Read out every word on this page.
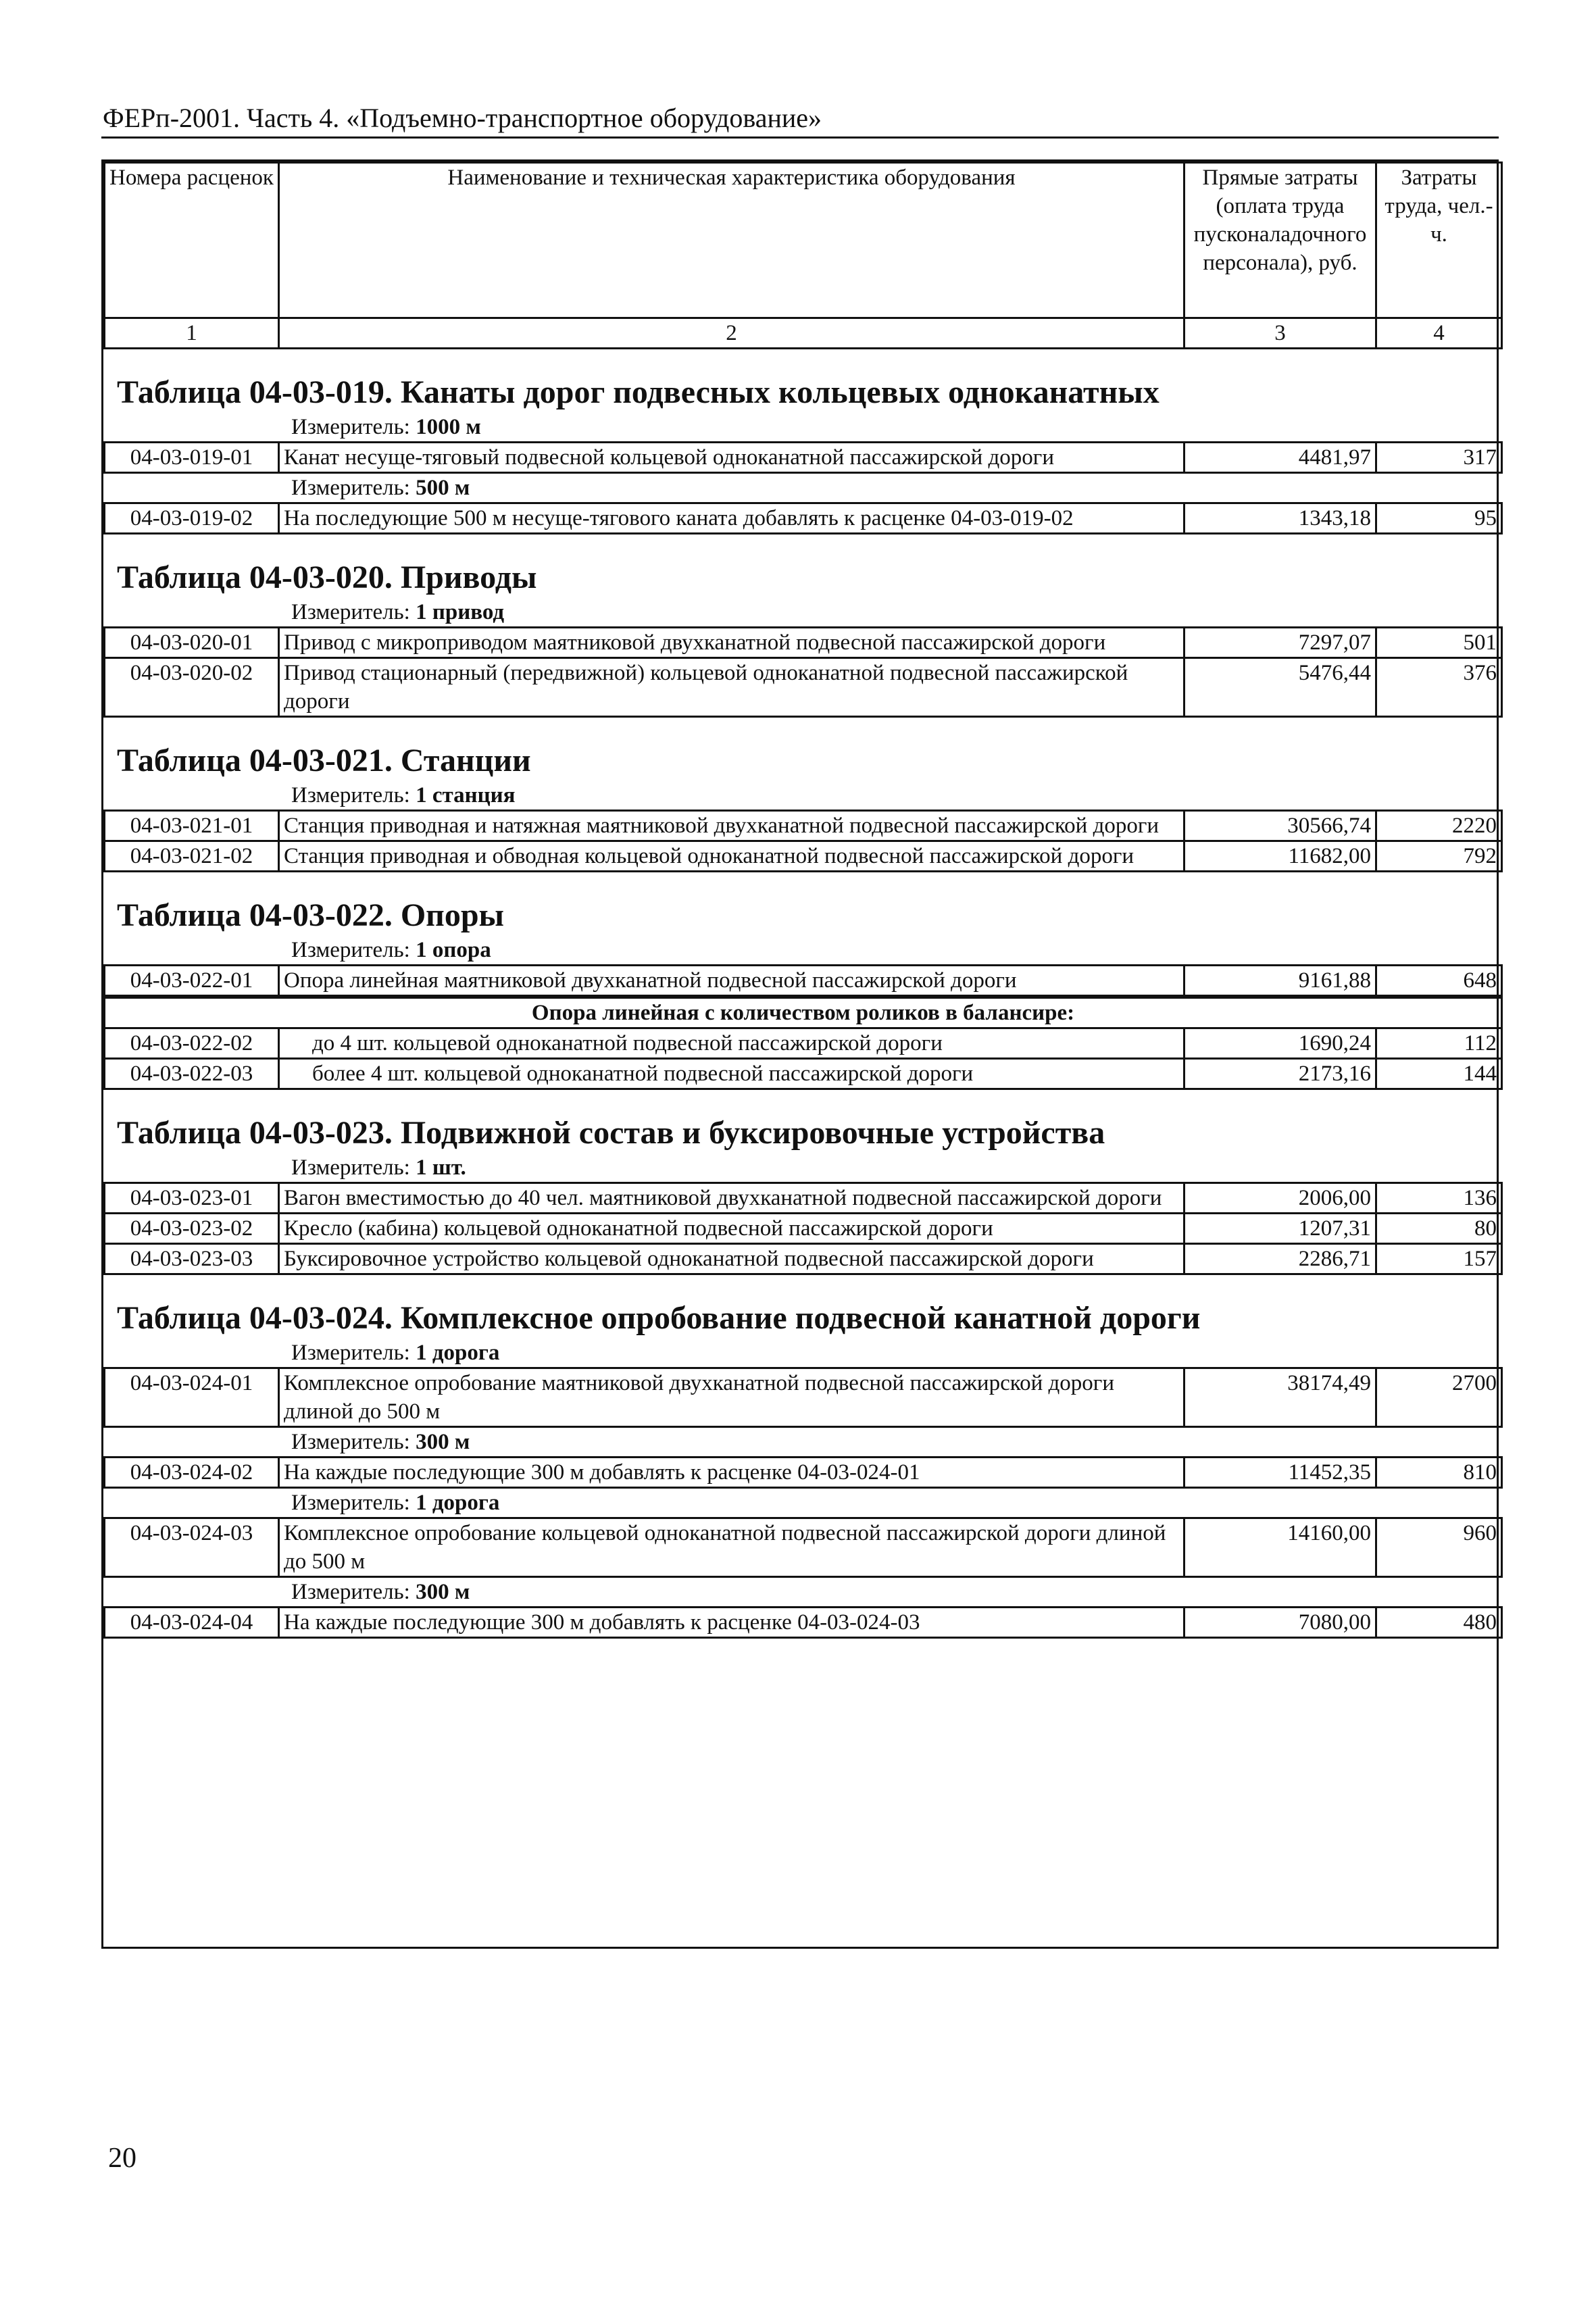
ФЕРп-2001. Часть 4. «Подъемно-транспортное оборудование»
Номера расценок	Наименование и техническая характеристика оборудования	Прямые затраты (оплата труда пусконаладочного персонала), руб.	Затраты труда, чел.-ч.
1	2	3	4
Таблица 04-03-019. Канаты дорог подвесных кольцевых одноканатных
Измеритель: 1000 м
04-03-019-01	Канат несуще-тяговый подвесной кольцевой одноканатной пассажирской дороги	4481,97	317
Измеритель: 500 м
04-03-019-02	На последующие 500 м несуще-тягового каната добавлять к расценке 04-03-019-02	1343,18	95
Таблица 04-03-020. Приводы
Измеритель: 1 привод
04-03-020-01	Привод с микроприводом маятниковой двухканатной подвесной пассажирской дороги	7297,07	501
04-03-020-02	Привод стационарный (передвижной) кольцевой одноканатной подвесной пассажирской дороги	5476,44	376
Таблица 04-03-021. Станции
Измеритель: 1 станция
04-03-021-01	Станция приводная и натяжная маятниковой двухканатной подвесной пассажирской дороги	30566,74	2220
04-03-021-02	Станция приводная и обводная кольцевой одноканатной подвесной пассажирской дороги	11682,00	792
Таблица 04-03-022. Опоры
Измеритель: 1 опора
04-03-022-01	Опора линейная маятниковой двухканатной подвесной пассажирской дороги	9161,88	648
Опора линейная с количеством роликов в балансире:			
04-03-022-02	до 4 шт. кольцевой одноканатной подвесной пассажирской дороги	1690,24	112
04-03-022-03	более 4 шт. кольцевой одноканатной подвесной пассажирской дороги	2173,16	144
Таблица 04-03-023. Подвижной состав и буксировочные устройства
Измеритель: 1 шт.
04-03-023-01	Вагон вместимостью до 40 чел. маятниковой двухканатной подвесной пассажирской дороги	2006,00	136
04-03-023-02	Кресло (кабина) кольцевой одноканатной подвесной пассажирской дороги	1207,31	80
04-03-023-03	Буксировочное устройство кольцевой одноканатной подвесной пассажирской дороги	2286,71	157
Таблица 04-03-024. Комплексное опробование подвесной канатной дороги
Измеритель: 1 дорога
04-03-024-01	Комплексное опробование маятниковой двухканатной подвесной пассажирской дороги длиной до 500 м	38174,49	2700
Измеритель: 300 м
04-03-024-02	На каждые последующие 300 м добавлять к расценке 04-03-024-01	11452,35	810
Измеритель: 1 дорога
04-03-024-03	Комплексное опробование кольцевой одноканатной подвесной пассажирской дороги длиной до 500 м	14160,00	960
Измеритель: 300 м
04-03-024-04	На каждые последующие 300 м добавлять к расценке 04-03-024-03	7080,00	480
20
